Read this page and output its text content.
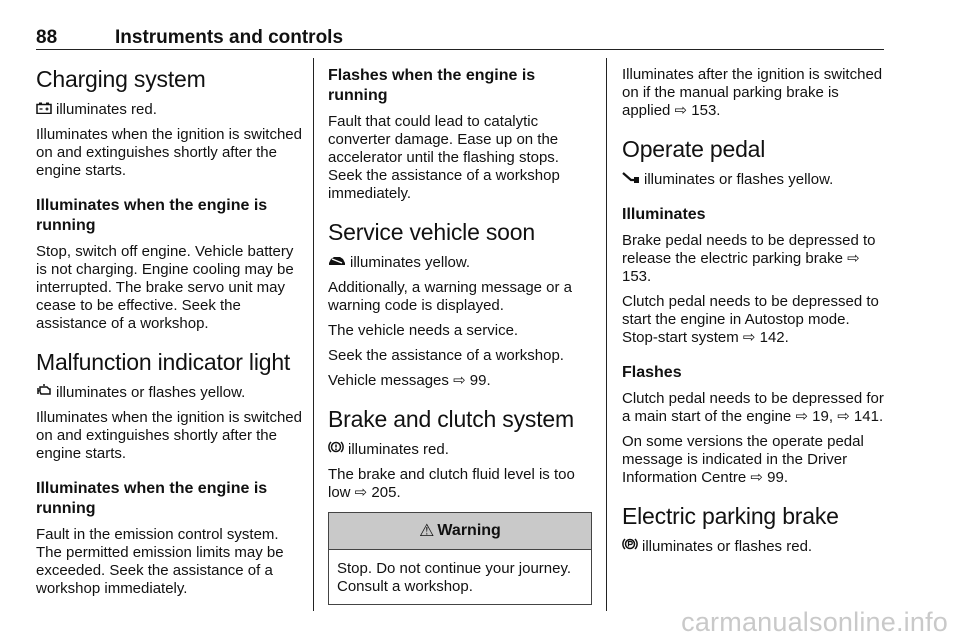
88	Instruments and controls
Charging system

illuminates red.

Illuminates when the ignition is switched on and extinguishes shortly after the engine starts.

Illuminates when the engine is running

Stop, switch off engine. Vehicle battery is not charging. Engine cooling may be interrupted. The brake servo unit may cease to be effective. Seek the assistance of a workshop.

Malfunction indicator light

illuminates or flashes yellow.

Illuminates when the ignition is switched on and extinguishes shortly after the engine starts.

Illuminates when the engine is running

Fault in the emission control system. The permitted emission limits may be exceeded. Seek the assistance of a workshop immediately.

Flashes when the engine is running

Fault that could lead to catalytic converter damage. Ease up on the accelerator until the flashing stops. Seek the assistance of a workshop immediately.

Service vehicle soon

illuminates yellow.

Additionally, a warning message or a warning code is displayed.

The vehicle needs a service.

Seek the assistance of a workshop.

Vehicle messages ⇨ 99.

Brake and clutch system

illuminates red.

The brake and clutch fluid level is too low ⇨ 205.

⚠ Warning
Stop. Do not continue your journey. Consult a workshop.

Illuminates after the ignition is switched on if the manual parking brake is applied ⇨ 153.

Operate pedal

illuminates or flashes yellow.

Illuminates

Brake pedal needs to be depressed to release the electric parking brake ⇨ 153.

Clutch pedal needs to be depressed to start the engine in Autostop mode. Stop-start system ⇨ 142.

Flashes

Clutch pedal needs to be depressed for a main start of the engine ⇨ 19, ⇨ 141.

On some versions the operate pedal message is indicated in the Driver Information Centre ⇨ 99.

Electric parking brake

illuminates or flashes red.

carmanualsonline.info
